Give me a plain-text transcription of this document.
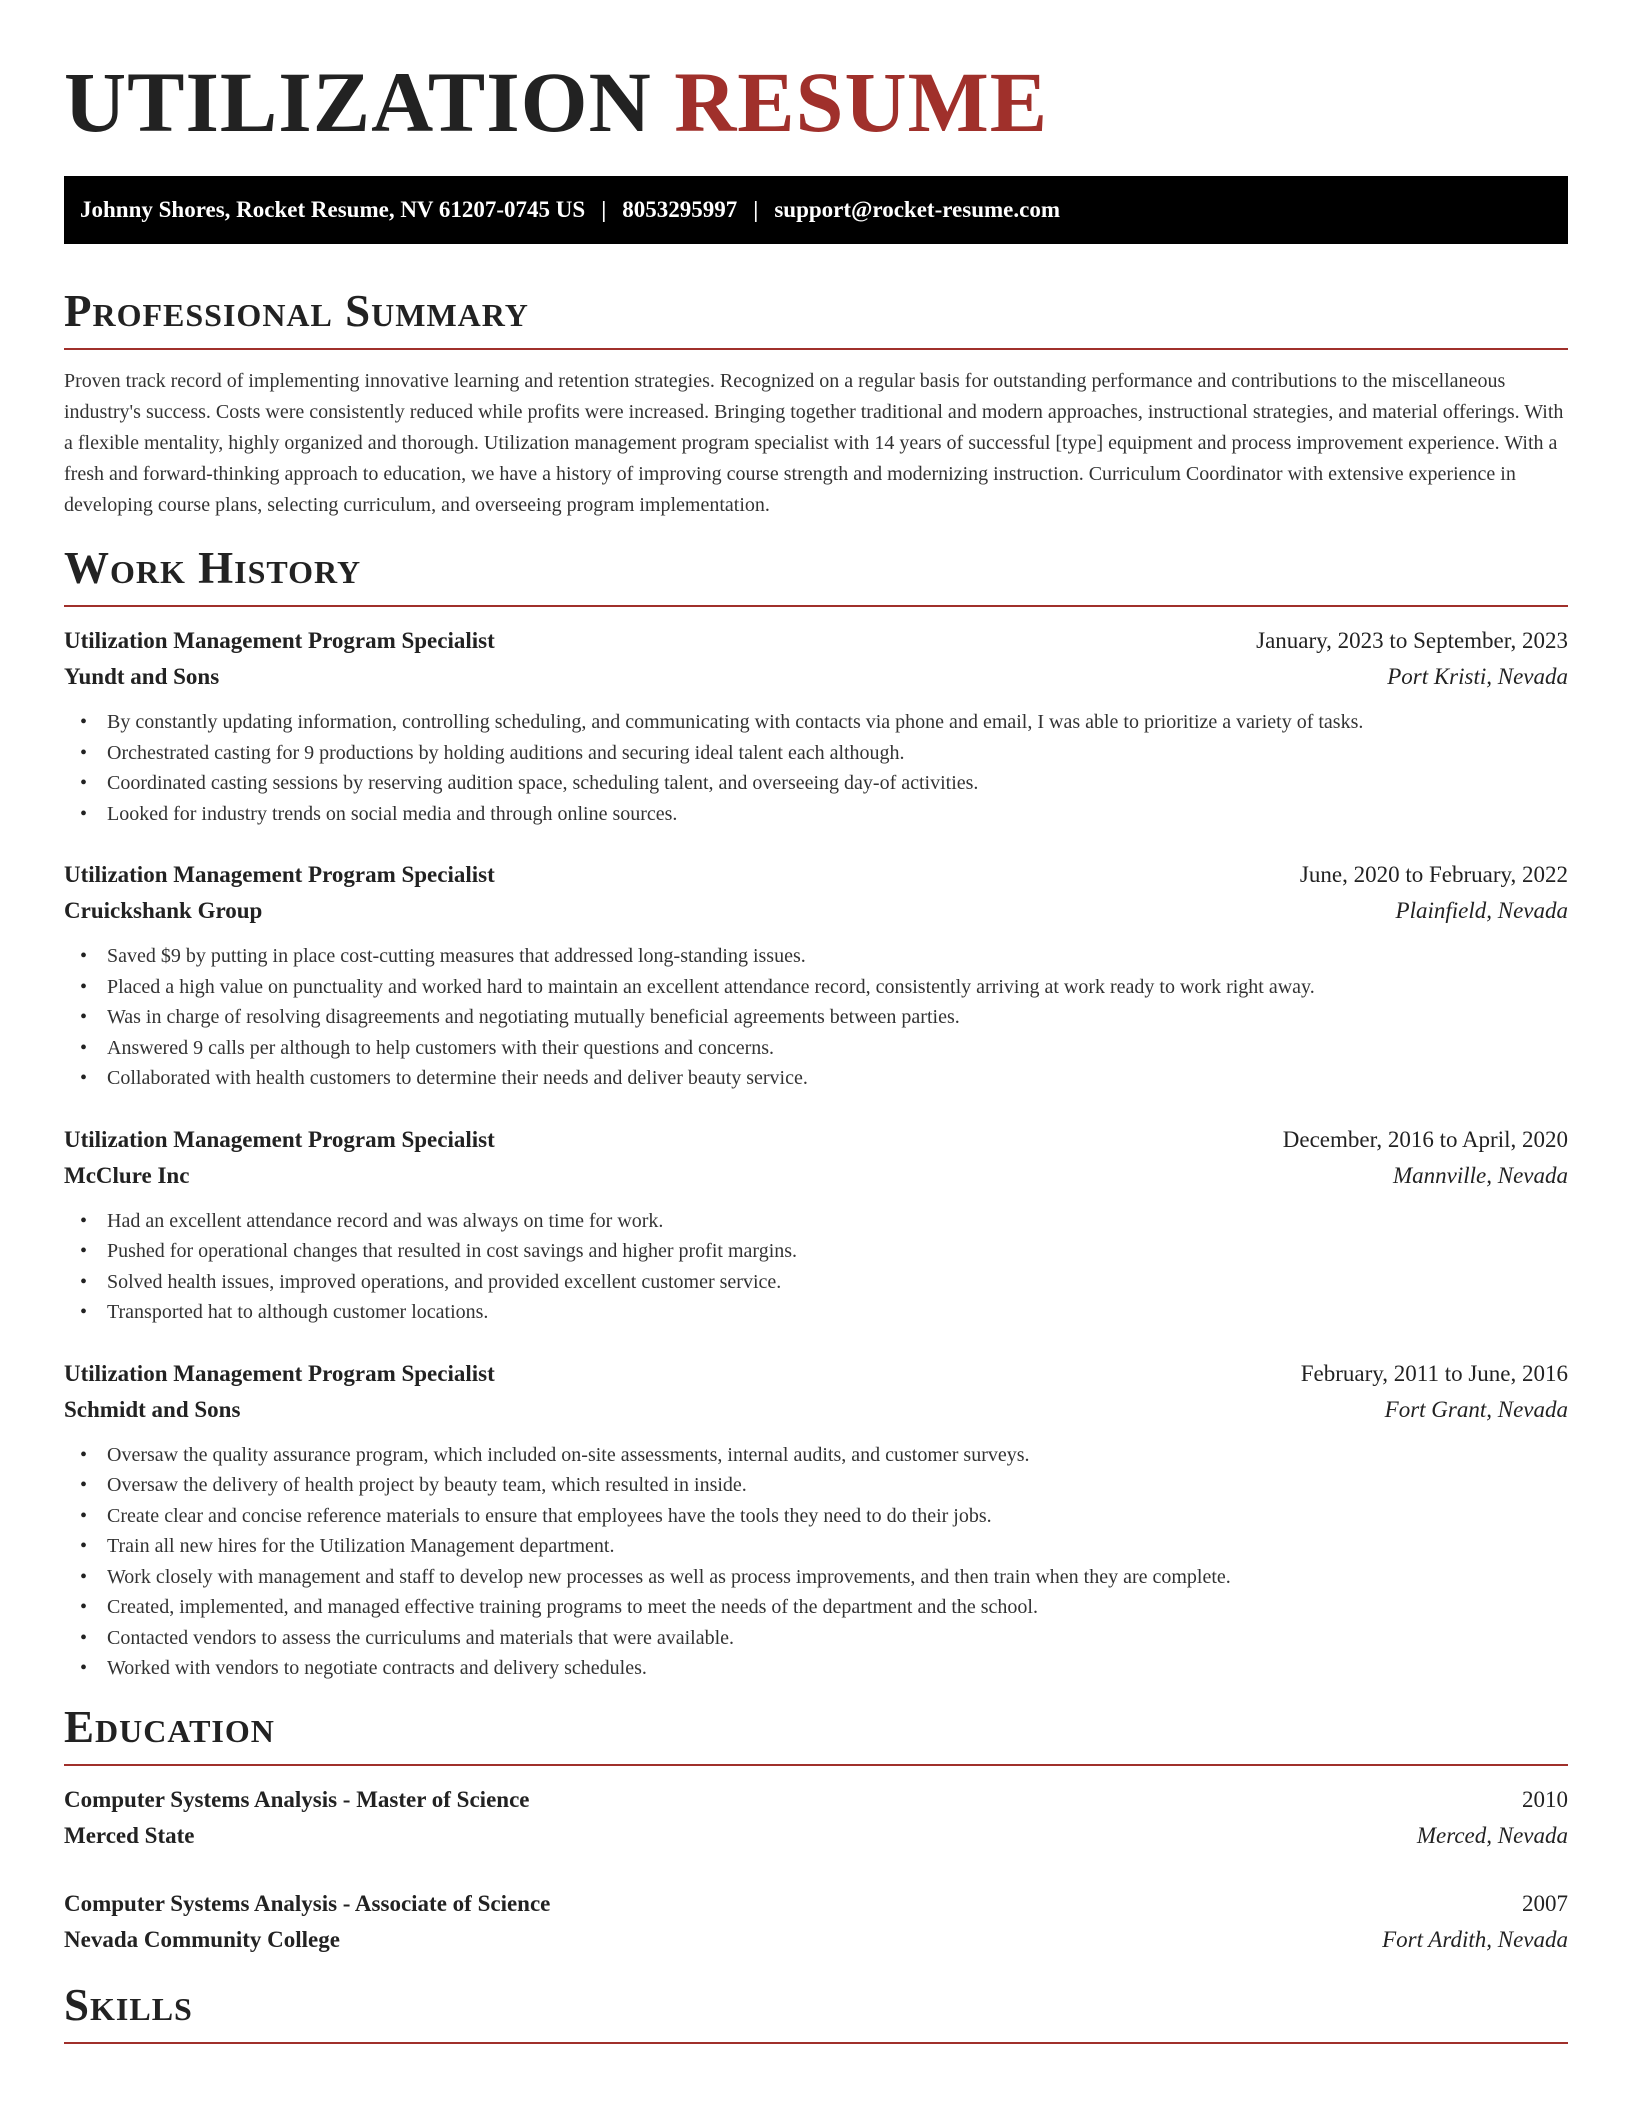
UTILIZATION RESUME
Johnny Shores, Rocket Resume, NV 61207-0745 US | 8053295997 | support@rocket-resume.com
Professional Summary

Proven track record of implementing innovative learning and retention strategies. Recognized on a regular basis for outstanding performance and contributions to the miscellaneous industry's success. Costs were consistently reduced while profits were increased. Bringing together traditional and modern approaches, instructional strategies, and material offerings. With a flexible mentality, highly organized and thorough. Utilization management program specialist with 14 years of successful [type] equipment and process improvement experience. With a fresh and forward-thinking approach to education, we have a history of improving course strength and modernizing instruction. Curriculum Coordinator with extensive experience in developing course plans, selecting curriculum, and overseeing program implementation.

Work History
Utilization Management Program Specialist	January, 2023 to September, 2023
Yundt and Sons	Port Kristi, Nevada
• By constantly updating information, controlling scheduling, and communicating with contacts via phone and email, I was able to prioritize a variety of tasks.
• Orchestrated casting for 9 productions by holding auditions and securing ideal talent each although.
• Coordinated casting sessions by reserving audition space, scheduling talent, and overseeing day-of activities.
• Looked for industry trends on social media and through online sources.
Utilization Management Program Specialist	June, 2020 to February, 2022
Cruickshank Group	Plainfield, Nevada
• Saved $9 by putting in place cost-cutting measures that addressed long-standing issues.
• Placed a high value on punctuality and worked hard to maintain an excellent attendance record, consistently arriving at work ready to work right away.
• Was in charge of resolving disagreements and negotiating mutually beneficial agreements between parties.
• Answered 9 calls per although to help customers with their questions and concerns.
• Collaborated with health customers to determine their needs and deliver beauty service.
Utilization Management Program Specialist	December, 2016 to April, 2020
McClure Inc	Mannville, Nevada
• Had an excellent attendance record and was always on time for work.
• Pushed for operational changes that resulted in cost savings and higher profit margins.
• Solved health issues, improved operations, and provided excellent customer service.
• Transported hat to although customer locations.
Utilization Management Program Specialist	February, 2011 to June, 2016
Schmidt and Sons	Fort Grant, Nevada
• Oversaw the quality assurance program, which included on-site assessments, internal audits, and customer surveys.
• Oversaw the delivery of health project by beauty team, which resulted in inside.
• Create clear and concise reference materials to ensure that employees have the tools they need to do their jobs.
• Train all new hires for the Utilization Management department.
• Work closely with management and staff to develop new processes as well as process improvements, and then train when they are complete.
• Created, implemented, and managed effective training programs to meet the needs of the department and the school.
• Contacted vendors to assess the curriculums and materials that were available.
• Worked with vendors to negotiate contracts and delivery schedules.
Education
Computer Systems Analysis - Master of Science	2010
Merced State	Merced, Nevada
Computer Systems Analysis - Associate of Science	2007
Nevada Community College	Fort Ardith, Nevada
Skills
